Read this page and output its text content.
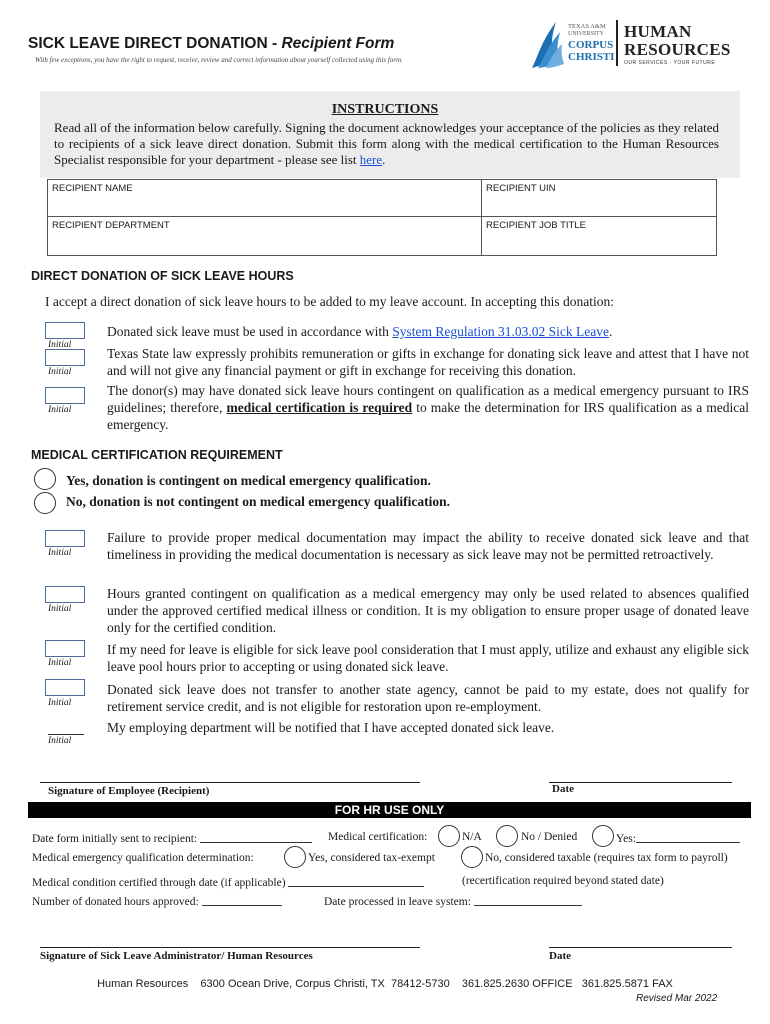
SICK LEAVE DIRECT DONATION - Recipient Form
With few exceptions, you have the right to request, receive, review and correct information about yourself collected using this form.
TEXAS A&M
UNIVERSITY
CORPUS
CHRISTI
HUMAN
RESOURCES
OUR SERVICES · YOUR FUTURE
INSTRUCTIONS
Read all of the information below carefully. Signing the document acknowledges your acceptance of the policies as they related to recipients of a sick leave direct donation. Submit this form along with the medical certification to the Human Resources Specialist responsible for your department - please see list here.
RECIPIENT NAME	RECIPIENT UIN
RECIPIENT DEPARTMENT	RECIPIENT JOB TITLE
DIRECT DONATION OF SICK LEAVE HOURS
I accept a direct donation of sick leave hours to be added to my leave account. In accepting this donation:
Initial
Initial
Initial
Donated sick leave must be used in accordance with System Regulation 31.03.02 Sick Leave.
Texas State law expressly prohibits remuneration or gifts in exchange for donating sick leave and attest that I have not and will not give any financial payment or gift in exchange for receiving this donation.
The donor(s) may have donated sick leave hours contingent on qualification as a medical emergency pursuant to IRS guidelines; therefore, medical certification is required to make the determination for IRS qualification as a medical emergency.
MEDICAL CERTIFICATION REQUIREMENT
Yes, donation is contingent on medical emergency qualification.
No, donation is not contingent on medical emergency qualification.
Initial
Initial
Initial
Initial
Initial
Failure to provide proper medical documentation may impact the ability to receive donated sick leave and that timeliness in providing the medical documentation is necessary as sick leave may not be permitted retroactively.
Hours granted contingent on qualification as a medical emergency may only be used related to absences qualified under the approved certified medical illness or condition. It is my obligation to ensure proper usage of donated leave only for the certified condition.
If my need for leave is eligible for sick leave pool consideration that I must apply, utilize and exhaust any eligible sick leave pool hours prior to accepting or using donated sick leave.
Donated sick leave does not transfer to another state agency, cannot be paid to my estate, does not qualify for retirement service credit, and is not eligible for restoration upon re-employment.
My employing department will be notified that I have accepted donated sick leave.
Signature of Employee (Recipient)	Date
FOR HR USE ONLY
Date form initially sent to recipient:	Medical certification:	N/A	No / Denied	Yes:
Medical emergency qualification determination:	Yes, considered tax-exempt	No, considered taxable (requires tax form to payroll)
Medical condition certified through date (if applicable)	(recertification required beyond stated date)
Number of donated hours approved:	Date processed in leave system:
Signature of Sick Leave Administrator/ Human Resources	Date
Human Resources    6300 Ocean Drive, Corpus Christi, TX  78412-5730    361.825.2630 OFFICE   361.825.5871 FAX
Revised Mar 2022
